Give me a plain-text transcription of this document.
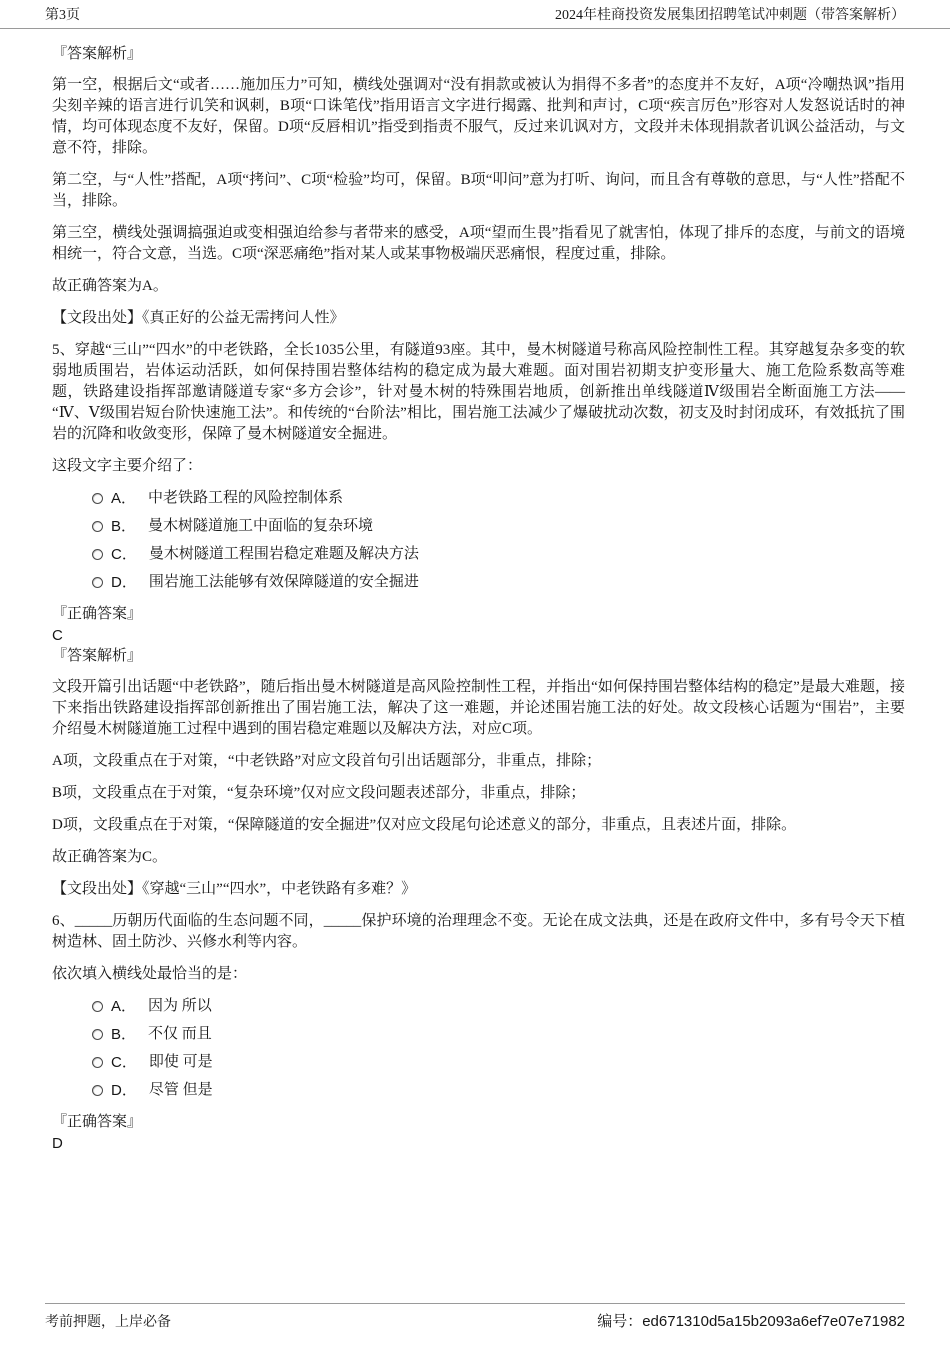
第3页	2024年桂商投资发展集团招聘笔试冲刺题（带答案解析）
『答案解析』
第一空，根据后文“或者……施加压力”可知，横线处强调对“没有捐款或被认为捐得不多者”的态度并不友好，A项“冷嘲热讽”指用尖刻辛辣的语言进行讥笑和讽刺，B项“口诛笔伐”指用语言文字进行揭露、批判和声讨，C项“疾言厉色”形容对人发怒说话时的神情，均可体现态度不友好，保留。D项“反唇相讥”指受到指责不服气，反过来讥讽对方，文段并未体现捐款者讥讽公益活动，与文意不符，排除。
第二空，与“人性”搭配，A项“拷问”、C项“检验”均可，保留。B项“叩问”意为打听、询问，而且含有尊敬的意思，与“人性”搭配不当，排除。
第三空，横线处强调搞强迫或变相强迫给参与者带来的感受，A项“望而生畏”指看见了就害怕，体现了排斥的态度，与前文的语境相统一，符合文意，当选。C项“深恶痛绝”指对某人或某事物极端厌恶痛恨，程度过重，排除。
故正确答案为A。
【文段出处】《真正好的公益无需拷问人性》
5、穿越“三山”“四水”的中老铁路，全长1035公里，有隧道93座。其中，曼木树隧道号称高风险控制性工程。其穿越复杂多变的软弱地质围岩，岩体运动活跃，如何保持围岩整体结构的稳定成为最大难题。面对围岩初期支护变形量大、施工危险系数高等难题，铁路建设指挥部邀请隧道专家“多方会诊”，针对曼木树的特殊围岩地质，创新推出单线隧道Ⅳ级围岩全断面施工方法——“Ⅳ、Ⅴ级围岩短台阶快速施工法”。和传统的“台阶法”相比，围岩施工法减少了爆破扰动次数，初支及时封闭成环，有效抵抗了围岩的沉降和收敛变形，保障了曼木树隧道安全掘进。
这段文字主要介绍了：
A． 中老铁路工程的风险控制体系
B． 曼木树隧道施工中面临的复杂环境
C． 曼木树隧道工程围岩稳定难题及解决方法
D． 围岩施工法能够有效保障隧道的安全掘进
『正确答案』
C
『答案解析』
文段开篇引出话题“中老铁路”，随后指出曼木树隧道是高风险控制性工程，并指出“如何保持围岩整体结构的稳定”是最大难题，接下来指出铁路建设指挥部创新推出了围岩施工法，解决了这一难题，并论述围岩施工法的好处。故文段核心话题为“围岩”，主要介绍曼木树隧道施工过程中遇到的围岩稳定难题以及解决方法，对应C项。
A项，文段重点在于对策，“中老铁路”对应文段首句引出话题部分，非重点，排除；
B项，文段重点在于对策，“复杂环境”仅对应文段问题表述部分，非重点，排除；
D项，文段重点在于对策，“保障隧道的安全掘进”仅对应文段尾句论述意义的部分，非重点，且表述片面，排除。
故正确答案为C。
【文段出处】《穿越“三山”“四水”，中老铁路有多难？》
6、_____历朝历代面临的生态问题不同，_____保护环境的治理理念不变。无论在成文法典，还是在政府文件中，多有号令天下植树造林、固土防沙、兴修水利等内容。
依次填入横线处最恰当的是：
A． 因为 所以
B． 不仅 而且
C． 即使 可是
D． 尽管 但是
『正确答案』
D
考前押题，上岸必备	编号：ed671310d5a15b2093a6ef7e07e71982
